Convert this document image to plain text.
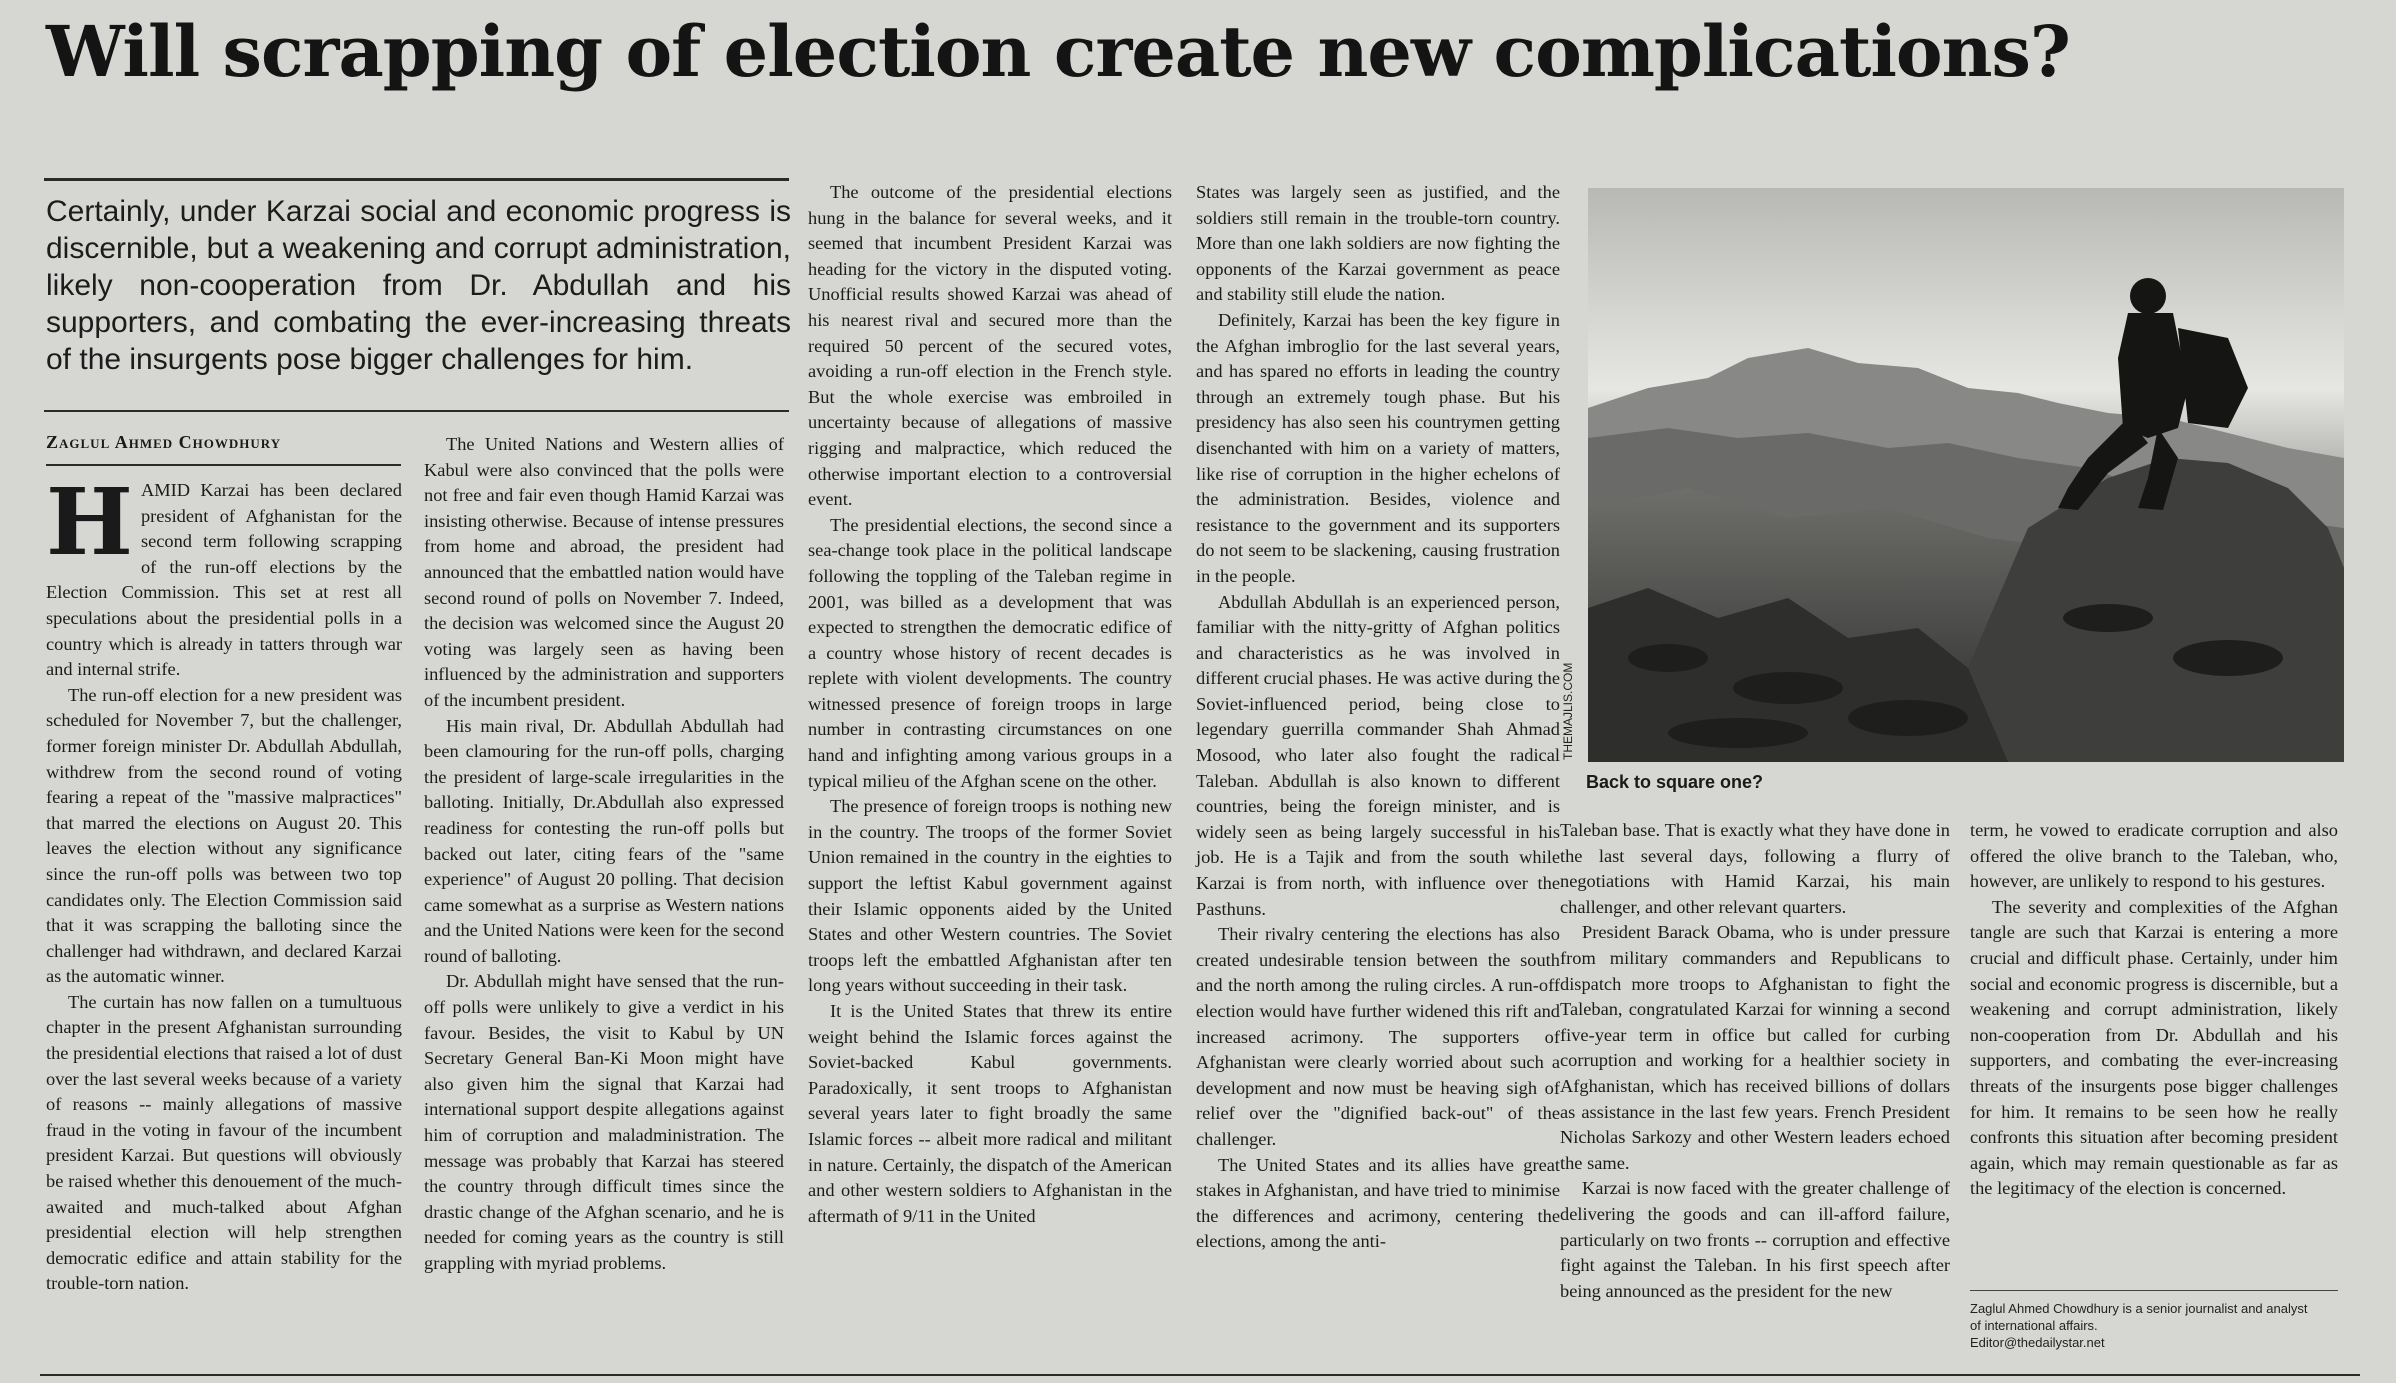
Will scrapping of election create new complications?

Certainly, under Karzai social and economic progress is discernible, but a weakening and corrupt administration, likely non-cooperation from Dr. Abdullah and his supporters, and combating the ever-increasing threats of the insurgents pose bigger challenges for him.

Zaglul Ahmed Chowdhury

HAMID Karzai has been declared president of Afghanistan for the second term following scrapping of the run-off elections by the Election Commission. This set at rest all speculations about the presidential polls in a country which is already in tatters through war and internal strife.

The run-off election for a new president was scheduled for November 7, but the challenger, former foreign minister Dr. Abdullah Abdullah, withdrew from the second round of voting fearing a repeat of the "massive malpractices" that marred the elections on August 20. This leaves the election without any significance since the run-off polls was between two top candidates only. The Election Commission said that it was scrapping the balloting since the challenger had withdrawn, and declared Karzai as the automatic winner.

The curtain has now fallen on a tumultuous chapter in the present Afghanistan surrounding the presidential elections that raised a lot of dust over the last several weeks because of a variety of reasons -- mainly allegations of massive fraud in the voting in favour of the incumbent president Karzai. But questions will obviously be raised whether this denouement of the much-awaited and much-talked about Afghan presidential election will help strengthen democratic edifice and attain stability for the trouble-torn nation.

The United Nations and Western allies of Kabul were also convinced that the polls were not free and fair even though Hamid Karzai was insisting otherwise. Because of intense pressures from home and abroad, the president had announced that the embattled nation would have second round of polls on November 7. Indeed, the decision was welcomed since the August 20 voting was largely seen as having been influenced by the administration and supporters of the incumbent president.

His main rival, Dr. Abdullah Abdullah had been clamouring for the run-off polls, charging the president of large-scale irregularities in the balloting. Initially, Dr.Abdullah also expressed readiness for contesting the run-off polls but backed out later, citing fears of the "same experience" of August 20 polling. That decision came somewhat as a surprise as Western nations and the United Nations were keen for the second round of balloting.

Dr. Abdullah might have sensed that the run-off polls were unlikely to give a verdict in his favour. Besides, the visit to Kabul by UN Secretary General Ban-Ki Moon might have also given him the signal that Karzai had international support despite allegations against him of corruption and maladministration. The message was probably that Karzai has steered the country through difficult times since the drastic change of the Afghan scenario, and he is needed for coming years as the country is still grappling with myriad problems.

The outcome of the presidential elections hung in the balance for several weeks, and it seemed that incumbent President Karzai was heading for the victory in the disputed voting. Unofficial results showed Karzai was ahead of his nearest rival and secured more than the required 50 percent of the secured votes, avoiding a run-off election in the French style. But the whole exercise was embroiled in uncertainty because of allegations of massive rigging and malpractice, which reduced the otherwise important election to a controversial event.

The presidential elections, the second since a sea-change took place in the political landscape following the toppling of the Taleban regime in 2001, was billed as a development that was expected to strengthen the democratic edifice of a country whose history of recent decades is replete with violent developments. The country witnessed presence of foreign troops in large number in contrasting circumstances on one hand and infighting among various groups in a typical milieu of the Afghan scene on the other.

The presence of foreign troops is nothing new in the country. The troops of the former Soviet Union remained in the country in the eighties to support the leftist Kabul government against their Islamic opponents aided by the United States and other Western countries. The Soviet troops left the embattled Afghanistan after ten long years without succeeding in their task.

It is the United States that threw its entire weight behind the Islamic forces against the Soviet-backed Kabul governments. Paradoxically, it sent troops to Afghanistan several years later to fight broadly the same Islamic forces -- albeit more radical and militant in nature. Certainly, the dispatch of the American and other western soldiers to Afghanistan in the aftermath of 9/11 in the United

States was largely seen as justified, and the soldiers still remain in the trouble-torn country. More than one lakh soldiers are now fighting the opponents of the Karzai government as peace and stability still elude the nation.

Definitely, Karzai has been the key figure in the Afghan imbroglio for the last several years, and has spared no efforts in leading the country through an extremely tough phase. But his presidency has also seen his countrymen getting disenchanted with him on a variety of matters, like rise of corruption in the higher echelons of the administration. Besides, violence and resistance to the government and its supporters do not seem to be slackening, causing frustration in the people.

Abdullah Abdullah is an experienced person, familiar with the nitty-gritty of Afghan politics and characteristics as he was involved in different crucial phases. He was active during the Soviet-influenced period, being close to legendary guerrilla commander Shah Ahmad Mosood, who later also fought the radical Taleban. Abdullah is also known to different countries, being the foreign minister, and is widely seen as being largely successful in his job. He is a Tajik and from the south while Karzai is from north, with influence over the Pasthuns.

Their rivalry centering the elections has also created undesirable tension between the south and the north among the ruling circles. A run-off election would have further widened this rift and increased acrimony. The supporters of Afghanistan were clearly worried about such a development and now must be heaving sigh of relief over the "dignified back-out" of the challenger.

The United States and its allies have great stakes in Afghanistan, and have tried to minimise the differences and acrimony, centering the elections, among the anti-

THEMAJLIS.COM
Back to square one?

Taleban base. That is exactly what they have done in the last several days, following a flurry of negotiations with Hamid Karzai, his main challenger, and other relevant quarters.

President Barack Obama, who is under pressure from military commanders and Republicans to dispatch more troops to Afghanistan to fight the Taleban, congratulated Karzai for winning a second five-year term in office but called for curbing corruption and working for a healthier society in Afghanistan, which has received billions of dollars as assistance in the last few years. French President Nicholas Sarkozy and other Western leaders echoed the same.

Karzai is now faced with the greater challenge of delivering the goods and can ill-afford failure, particularly on two fronts -- corruption and effective fight against the Taleban. In his first speech after being announced as the president for the new

term, he vowed to eradicate corruption and also offered the olive branch to the Taleban, who, however, are unlikely to respond to his gestures.

The severity and complexities of the Afghan tangle are such that Karzai is entering a more crucial and difficult phase. Certainly, under him social and economic progress is discernible, but a weakening and corrupt administration, likely non-cooperation from Dr. Abdullah and his supporters, and combating the ever-increasing threats of the insurgents pose bigger challenges for him. It remains to be seen how he really confronts this situation after becoming president again, which may remain questionable as far as the legitimacy of the election is concerned.

Zaglul Ahmed Chowdhury is a senior journalist and analyst
of international affairs.
Editor@thedailystar.net
